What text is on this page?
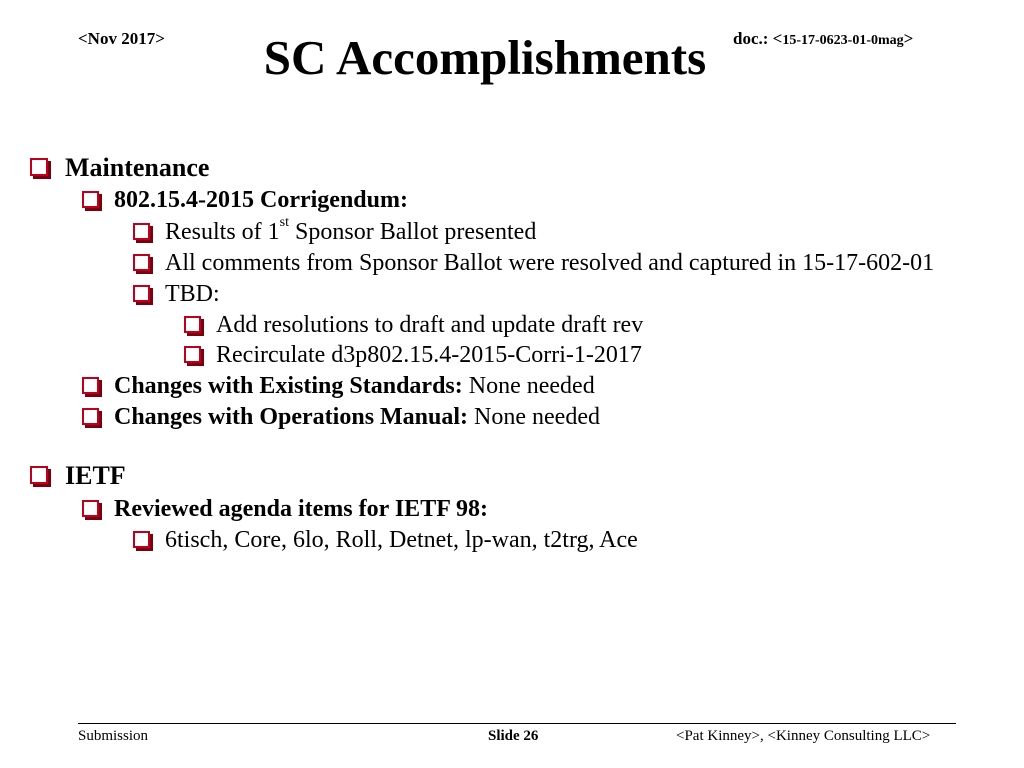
<Nov 2017>	doc.: <15-17-0623-01-0mag>
SC Accomplishments
Maintenance
802.15.4-2015 Corrigendum:
Results of 1st Sponsor Ballot presented
All comments from Sponsor Ballot were resolved and captured in 15-17-602-01
TBD:
Add resolutions to draft and update draft rev
Recirculate d3p802.15.4-2015-Corri-1-2017
Changes with Existing Standards: None needed
Changes with Operations Manual: None needed
IETF
Reviewed agenda items for IETF 98:
6tisch, Core, 6lo, Roll, Detnet, lp-wan, t2trg, Ace
Submission	Slide 26	<Pat Kinney>, <Kinney Consulting LLC>
